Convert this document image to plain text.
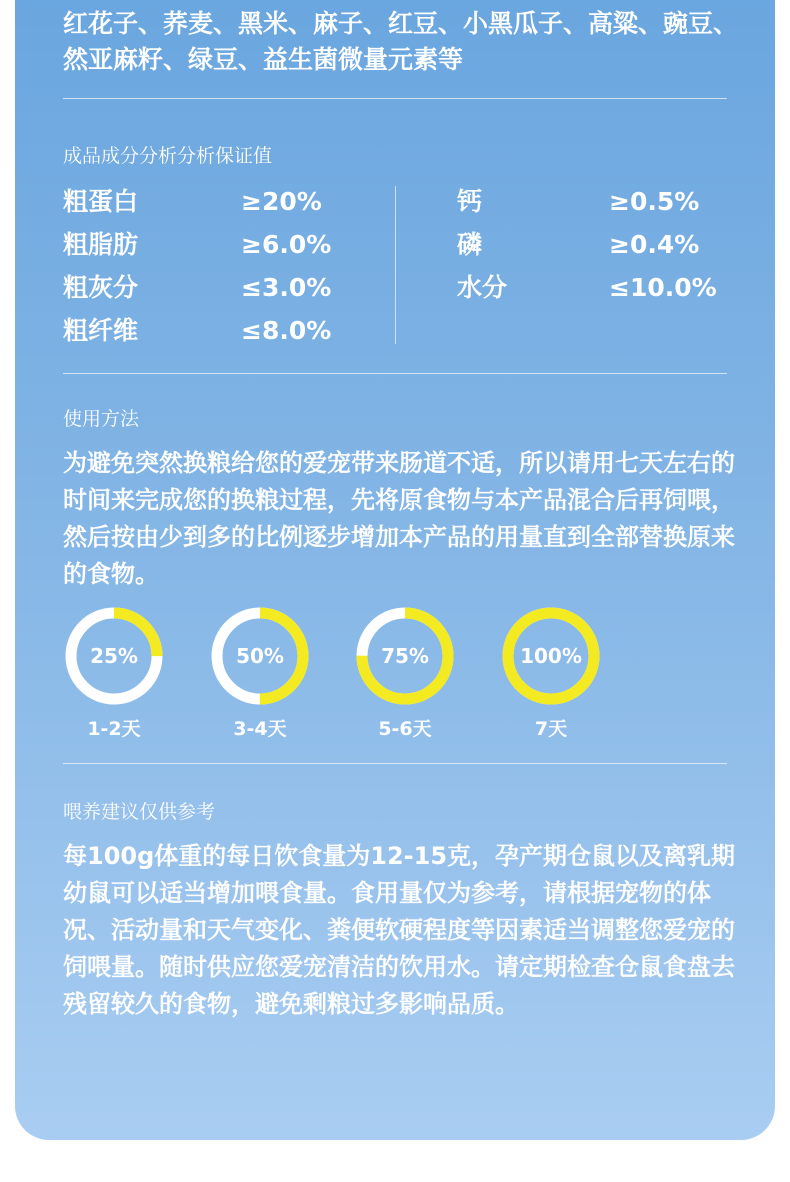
红花子、荞麦、黑米、麻子、红豆、小黑瓜子、高粱、豌豆、然亚麻籽、绿豆、益生菌微量元素等
成品成分分析分析保证值
粗蛋白	≥20%
粗脂肪	≥6.0%
粗灰分	≤3.0%
粗纤维	≤8.0%
钙	≥0.5%
磷	≥0.4%
水分	≤10.0%
使用方法
为避免突然换粮给您的爱宠带来肠道不适，所以请用七天左右的时间来完成您的换粮过程，先将原食物与本产品混合后再饲喂，然后按由少到多的比例逐步增加本产品的用量直到全部替换原来的食物。
25%
1-2天
50%
3-4天
75%
5-6天
100%
7天
喂养建议仅供参考
每100g体重的每日饮食量为12-15克，孕产期仓鼠以及离乳期幼鼠可以适当增加喂食量。食用量仅为参考，请根据宠物的体况、活动量和天气变化、粪便软硬程度等因素适当调整您爱宠的饲喂量。随时供应您爱宠清洁的饮用水。请定期检查仓鼠食盘去残留较久的食物，避免剩粮过多影响品质。
